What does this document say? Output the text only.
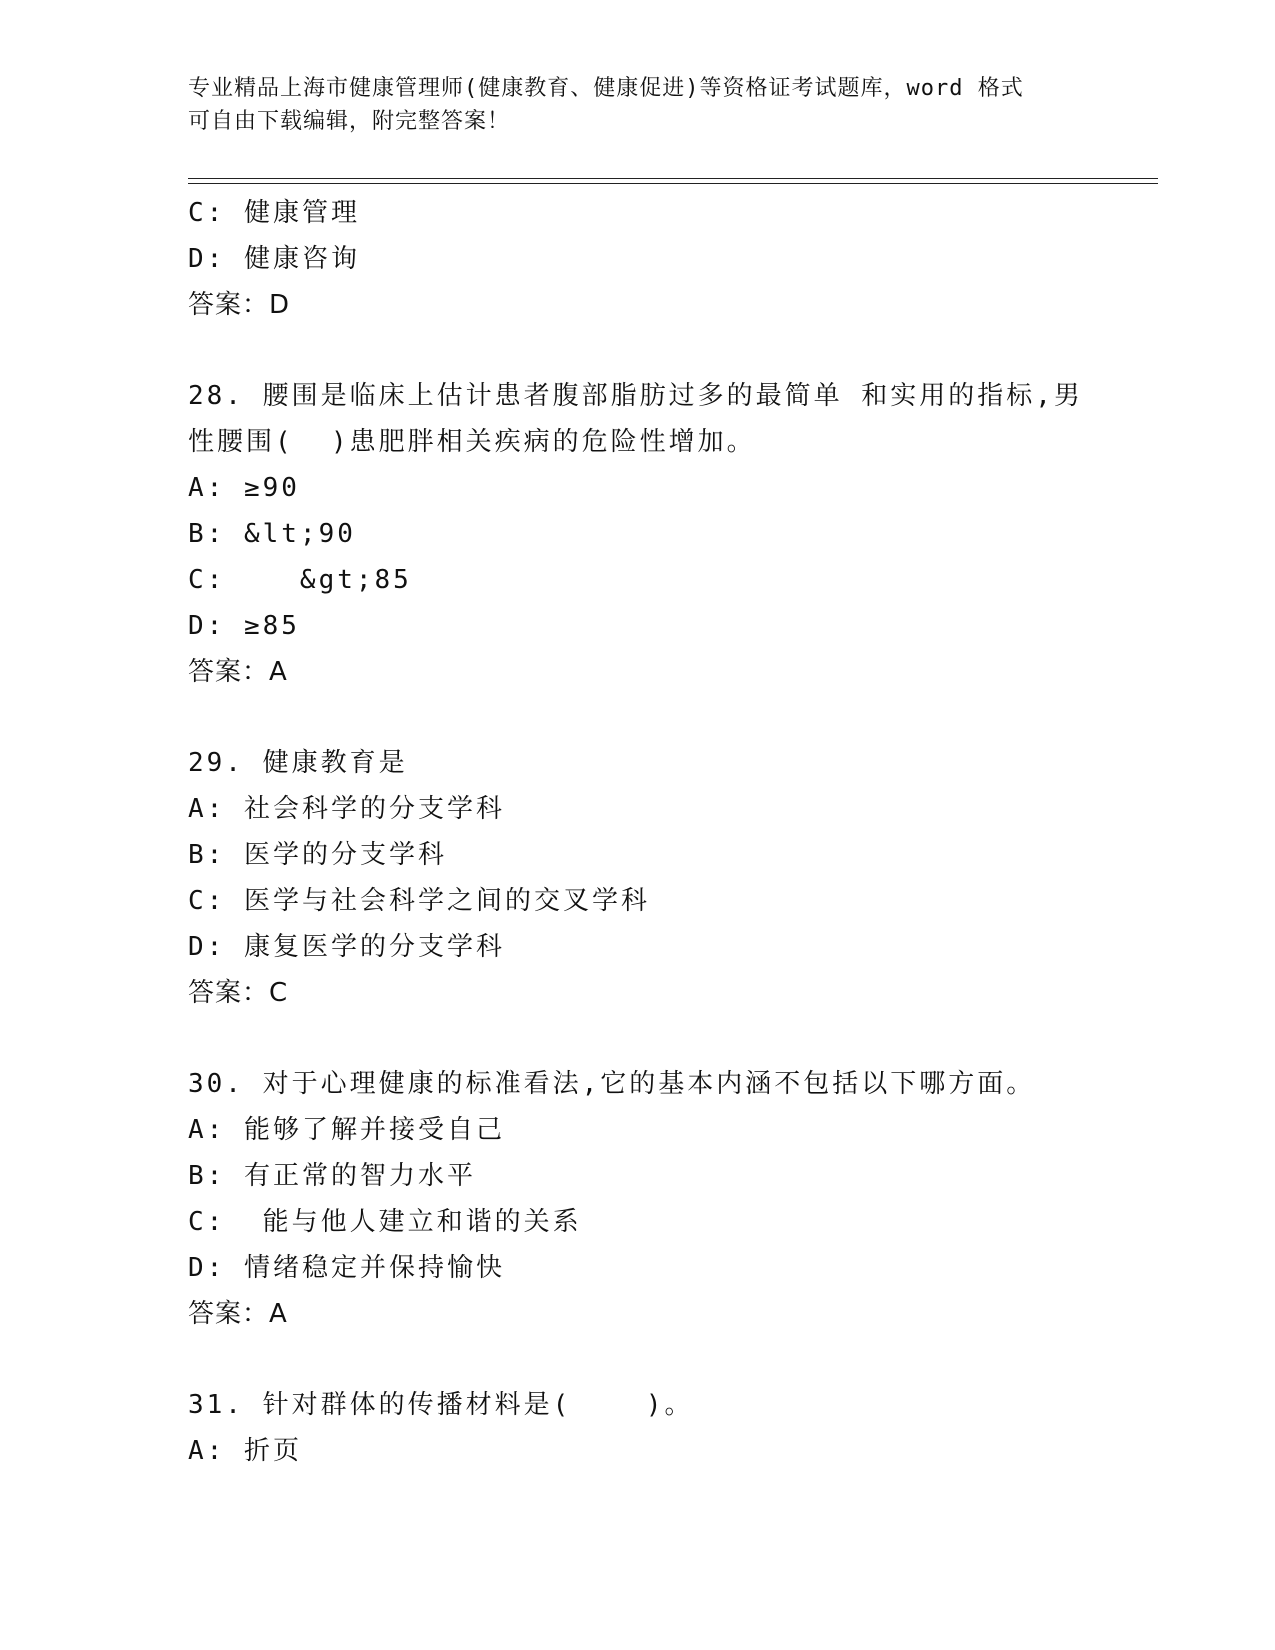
专业精品上海市健康管理师(健康教育、健康促进)等资格证考试题库，word 格式
可自由下载编辑，附完整答案！
C: 健康管理
D: 健康咨询
答案：D
28. 腰围是临床上估计患者腹部脂肪过多的最简单 和实用的指标,男
性腰围(  )患肥胖相关疾病的危险性增加。
A: ≥90
B: &lt;90
C:    &gt;85
D: ≥85
答案：A
29. 健康教育是
A: 社会科学的分支学科
B: 医学的分支学科
C: 医学与社会科学之间的交叉学科
D: 康复医学的分支学科
答案：C
30. 对于心理健康的标准看法,它的基本内涵不包括以下哪方面。
A: 能够了解并接受自己
B: 有正常的智力水平
C:  能与他人建立和谐的关系
D: 情绪稳定并保持愉快
答案：A
31. 针对群体的传播材料是(    )。
A: 折页
